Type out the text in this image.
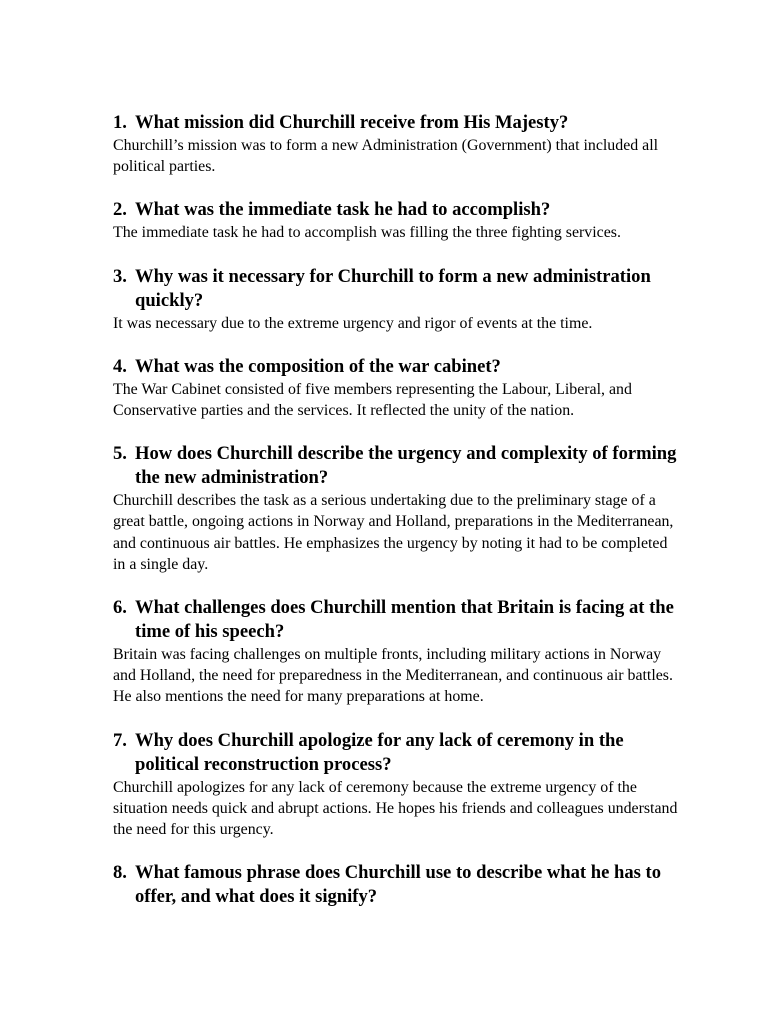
1. What mission did Churchill receive from His Majesty?

Churchill’s mission was to form a new Administration (Government) that included all political parties.

2. What was the immediate task he had to accomplish?

The immediate task he had to accomplish was filling the three fighting services.

3. Why was it necessary for Churchill to form a new administration quickly?

It was necessary due to the extreme urgency and rigor of events at the time.

4. What was the composition of the war cabinet?

The War Cabinet consisted of five members representing the Labour, Liberal, and Conservative parties and the services. It reflected the unity of the nation.

5. How does Churchill describe the urgency and complexity of forming the new administration?

Churchill describes the task as a serious undertaking due to the preliminary stage of a great battle, ongoing actions in Norway and Holland, preparations in the Mediterranean, and continuous air battles. He emphasizes the urgency by noting it had to be completed in a single day.

6. What challenges does Churchill mention that Britain is facing at the time of his speech?

Britain was facing challenges on multiple fronts, including military actions in Norway and Holland, the need for preparedness in the Mediterranean, and continuous air battles. He also mentions the need for many preparations at home.

7. Why does Churchill apologize for any lack of ceremony in the political reconstruction process?

Churchill apologizes for any lack of ceremony because the extreme urgency of the situation needs quick and abrupt actions. He hopes his friends and colleagues understand the need for this urgency.

8. What famous phrase does Churchill use to describe what he has to offer, and what does it signify?
